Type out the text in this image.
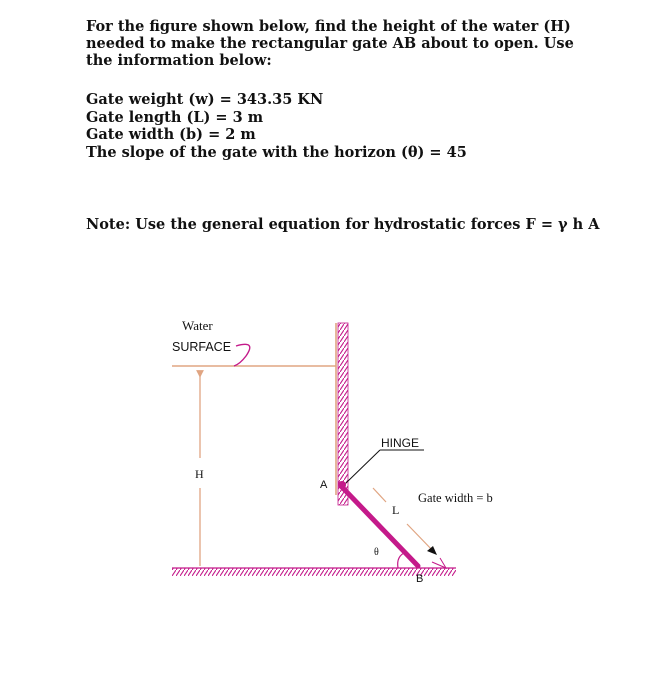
For the figure shown below, find the height of the water (H) needed to make the rectangular gate AB about to open. Use the information below:
Gate weight (w) = 343.35 KN
Gate length (L) = 3 m
Gate width (b) = 2 m
The slope of the gate with the horizon (θ) = 45
Note: Use the general equation for hydrostatic forces F = γ h A
H
Water
SURFACE
HINGE
A
B
L
Gate width = b
θ
